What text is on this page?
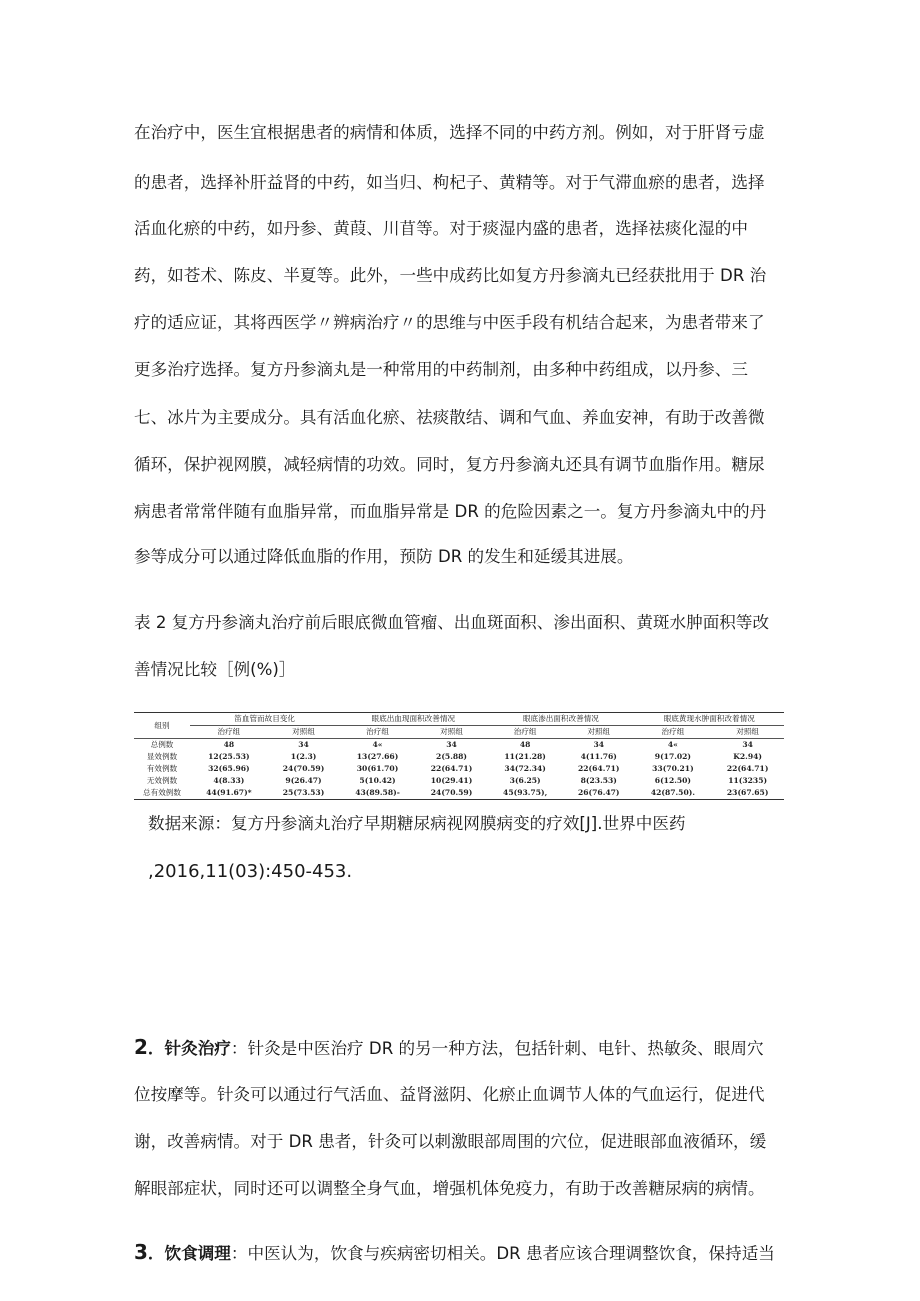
在治疗中，医生宜根据患者的病情和体质，选择不同的中药方剂。例如，对于肝肾亏虚
的患者，选择补肝益肾的中药，如当归、枸杞子、黄精等。对于气滞血瘀的患者，选择
活血化瘀的中药，如丹参、黄葭、川苜等。对于痰湿内盛的患者，选择祛痰化湿的中
药，如苍术、陈皮、半夏等。此外，一些中成药比如复方丹参滴丸已经获批用于 DR 治
疗的适应证，其将西医学〃辨病治疗〃的思维与中医手段有机结合起来，为患者带来了
更多治疗选择。复方丹参滴丸是一种常用的中药制剂，由多种中药组成，以丹参、三
七、冰片为主要成分。具有活血化瘀、祛痰散结、调和气血、养血安神，有助于改善微
循环，保护视网膜，减轻病情的功效。同时，复方丹参滴丸还具有调节血脂作用。糖尿
病患者常常伴随有血脂异常，而血脂异常是 DR 的危险因素之一。复方丹参滴丸中的丹
参等成分可以通过降低血脂的作用，预防 DR 的发生和延缓其进展。
表 2 复方丹参滴丸治疗前后眼底微血管瘤、出血斑面积、渗出面积、黄斑水肿面积等改
善情况比较［例(%)］
组别	笛血管而故目变化		眼底出血现面积改善情况		眼底渗出面积改善情况		眼底黄现水肿面积改着情况	
	治疗组	对照组	治疗组	对照组	治疗组	对照组	治疗组	对照组
总例数	48	34	4«	34	48	34	4«	34
显效例数	12(25.53)	1(2.3)	13(27.66)	2(5.88)	11(21.28)	4(11.76)	9(17.02)	K2.94)
有效例数	32(65.96)	24(70.59)	30(61.70)	22(64.71)	34(72.34)	22(64.71)	33(70.21)	22(64.71)
无效例数	4(8.33)	9(26.47)	5(10.42)	10(29.41)	3(6.25)	8(23.53)	6(12.50)	11(3235)
总有效例数	44(91.67)*	25(73.53)	43(89.58)-	24(70.59)	45(93.75),	26(76.47)	42(87.50).	23(67.65)
数据来源：复方丹参滴丸治疗早期糖尿病视网膜病变的疗效[J].世界中医药
,2016,11(03):450-453.
2．针灸治疗：针灸是中医治疗 DR 的另一种方法，包括针刺、电针、热敏灸、眼周穴
位按摩等。针灸可以通过行气活血、益肾滋阴、化瘀止血调节人体的气血运行，促进代
谢，改善病情。对于 DR 患者，针灸可以刺激眼部周围的穴位，促进眼部血液循环，缓
解眼部症状，同时还可以调整全身气血，增强机体免疫力，有助于改善糖尿病的病情。
3．饮食调理：中医认为，饮食与疾病密切相关。DR 患者应该合理调整饮食，保持适当
